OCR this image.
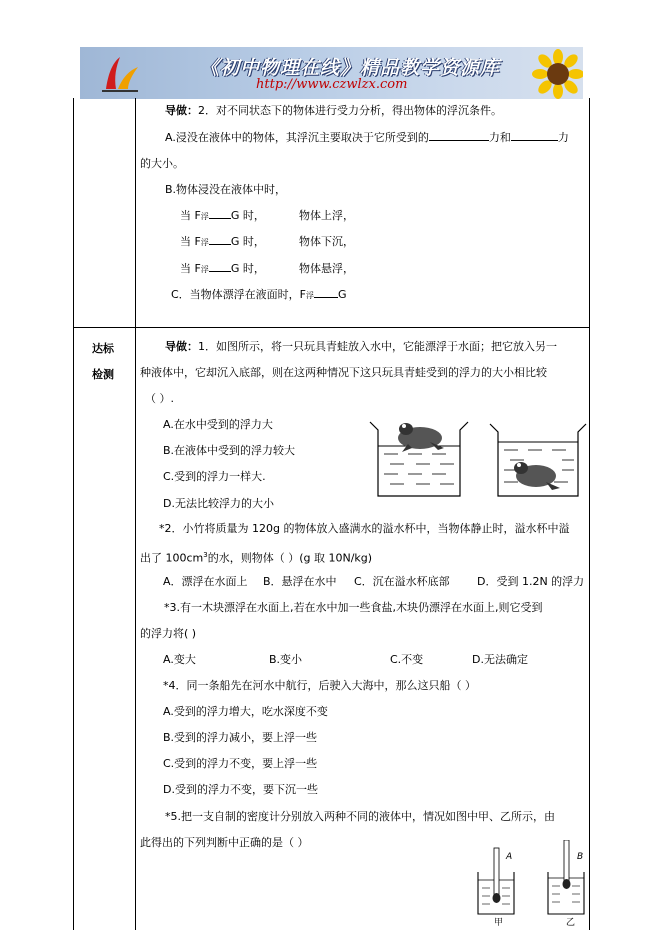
《初中物理在线》精品教学资源库
http://www.czwlzx.com
导做：2．对不同状态下的物体进行受力分析，得出物体的浮沉条件。
A.浸没在液体中的物体，其浮沉主要取决于它所受到的	力和	力
的大小。
B.物体浸没在液体中时，
当 F浮 G 时，	物体上浮，
当 F浮 G 时，	物体下沉，
当 F浮 G 时，	物体悬浮，
C．当物体漂浮在液面时，F浮 G
达标
检测
导做：1．如图所示，将一只玩具青蛙放入水中，它能漂浮于水面；把它放入另一
种液体中，它却沉入底部，则在这两种情况下这只玩具青蛙受到的浮力的大小相比较
（ ）.
A.在水中受到的浮力大
B.在液体中受到的浮力较大
C.受到的浮力一样大.
D.无法比较浮力的大小
*2．小竹将质量为 120g 的物体放入盛满水的溢水杯中，当物体静止时，溢水杯中溢
出了 $100cm^3$的水，则物体（ ）(g 取 10N/kg)
A．漂浮在水面上 B．悬浮在水中 C．沉在溢水杯底部 D．受到 1.2N 的浮力
*3.有一木块漂浮在水面上,若在水中加一些食盐,木块仍漂浮在水面上,则它受到
的浮力将( )
A.变大	B.变小	C.不变	D.无法确定
*4．同一条船先在河水中航行，后驶入大海中，那么这只船（ ）
A.受到的浮力增大，吃水深度不变
B.受到的浮力减小，要上浮一些
C.受到的浮力不变，要上浮一些
D.受到的浮力不变，要下沉一些
*5.把一支自制的密度计分别放入两种不同的液体中，情况如图中甲、乙所示，由
此得出的下列判断中正确的是（ ）
A	B
甲	乙
